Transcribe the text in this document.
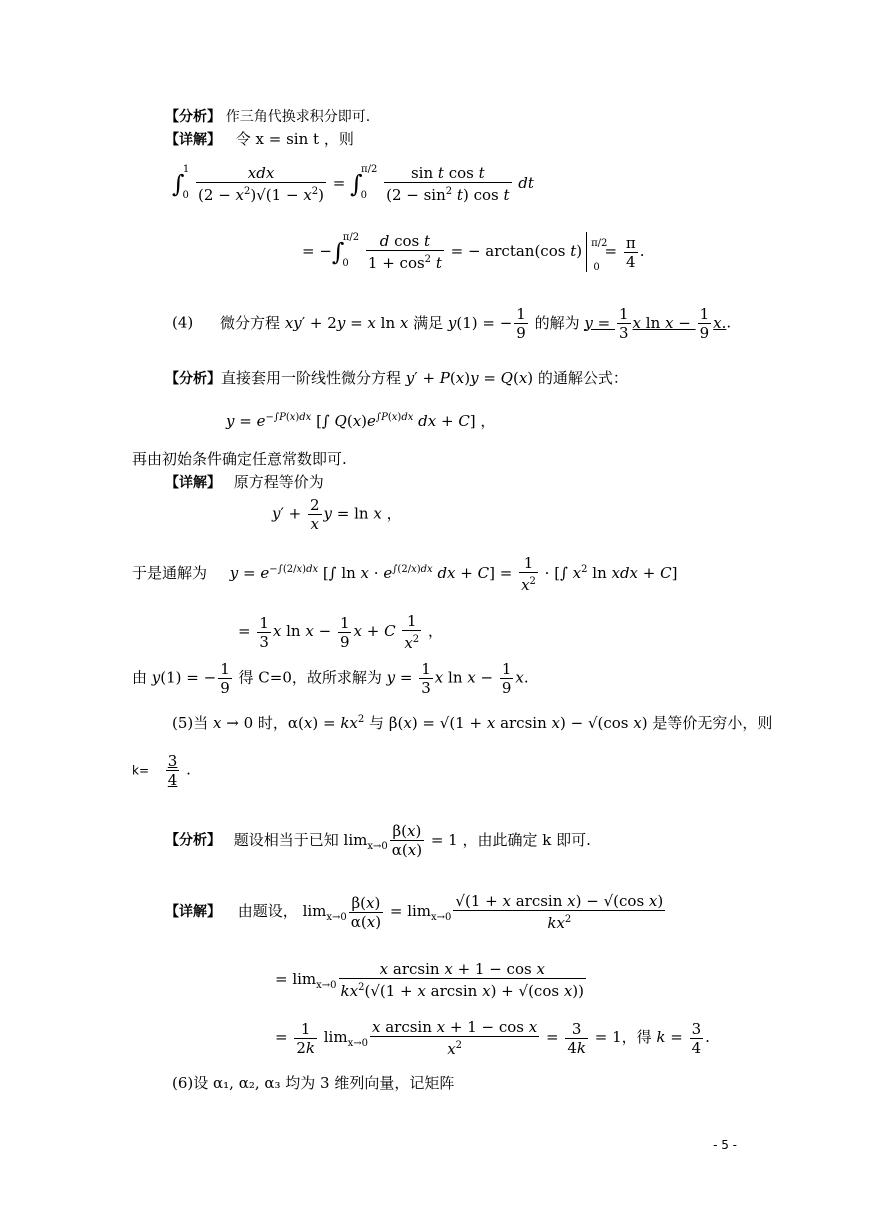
【分析】 作三角代换求积分即可.
【详解】 令 x = sin t ，则
$\int_0^1 \frac{\text{xdx}}{(2 - x^2)√(1 - x^2)} = \int_0^{\pi/2} \frac{\text{sin t cos t}}{(2 - \sin^2 t) \cos t}$ dt
= $-\int_0^{\pi/2} \frac{\text{d cos t}}{1 + \cos^2 t}$ = − arctan(cos t) $^{\pi/2}_0 = \frac{\pi}{4}$ .
(4) 微分方程 xy′ + 2y = x ln x 满足 y(1) = − $\frac{1}{9}$ 的解为 $y = \frac{1}{3}$ x $\ln x - \frac{1}{9} x$..
【分析】直接套用一阶线性微分方程 y′ + P(x)y = Q(x) 的通解公式：
$y = e^{-\int P(x)dx}$ [∫ $Q(x)e^{\int P(x)dx}$ dx + C] ，
再由初始条件确定任意常数即可.
【详解】 原方程等价为
$y' + \frac{2}{x}$ y = ln x ，
于是通解为 $y = e^{-\int(2/x)dx}$ [∫ $\ln x \cdot e^{\int(2/x)dx}$ dx + $C] = \frac{1}{x^2}$ · [∫ $x^2$ ln xdx + C]
= $\frac{1}{3}$ x $\ln x - \frac{1}{9}$ x + C $\frac{1}{x^2}$ ，
由 y(1) = − $\frac{1}{9}$ 得 C=0，故所求解为 $y = \frac{1}{3}$ x $\ln x - \frac{1}{9} x$.
(5)当 x → 0 时，$\alpha(x) = kx^2$ 与 β(x) = √(1 + x arcsin x) − √(cos x) 是等价无穷小，则
$k= \frac{3}{4}$ .
【分析】 题设相当于已知 $\lim_{x\to 0} \frac{\beta(x)}{\alpha(x)} = 1$ ，由此确定 k 即可.
【详解】 由题设， $\lim_{x\to 0} \frac{\beta(x)}{\alpha(x)} = \lim_{x\to 0} \frac{\text{√(1 + x arcsin x) − √(cos x)}}{kx^2}$
= $\lim_{x\to 0} \frac{\text{x arcsin x + 1 − cos x}}{kx^2(√(1 + x \arcsin x) + √(\cos x))}$
= $\frac{1}{2k} \lim_{x\to 0} \frac{\text{x arcsin x + 1 − cos x}}{x^2} = \frac{3}{4k} = 1$，得 $k = \frac{3}{4}$ .
(6)设 α₁, α₂, α₃ 均为 3 维列向量，记矩阵
- 5 -
